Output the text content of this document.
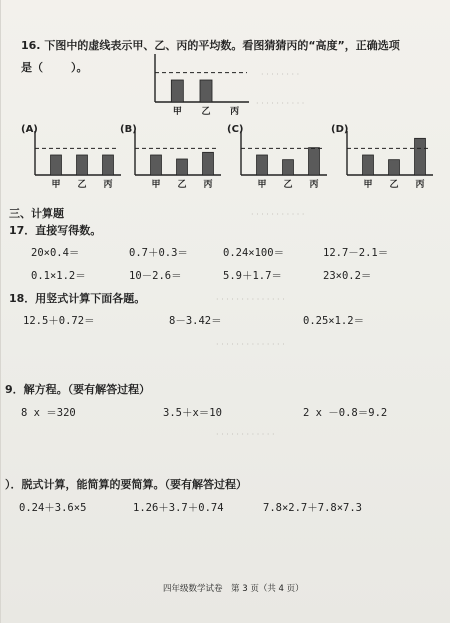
· · · · · · · ·
· · · · · · · · · ·
· · · · · · · · · · ·
· · · · · · · · · · · · · ·
· · · · · · · · · · · · · ·
· · · · · · · · · · · ·
16. 下图中的虚线表示甲、乙、丙的平均数。看图猜猜丙的“高度”，正确选项
是（	）。
甲 乙 丙
(A)
甲 乙 丙
(B)
甲 乙 丙
(C)
甲 乙 丙
(D)
甲 乙 丙
三、计算题
17．直接写得数。
20×0.4＝	0.7＋0.3＝	0.24×100＝	12.7－2.1＝
0.1×1.2＝	10－2.6＝	5.9＋1.7＝	23×0.2＝
18．用竖式计算下面各题。
12.5＋0.72＝	8－3.42＝	0.25×1.2＝
9．解方程。（要有解答过程）
8 x ＝320	3.5＋x＝10	2 x －0.8＝9.2
）．脱式计算，能简算的要简算。（要有解答过程）
0.24＋3.6×5	1.26＋3.7＋0.74	7.8×2.7＋7.8×7.3
四年级数学试卷　第 3 页（共 4 页）
